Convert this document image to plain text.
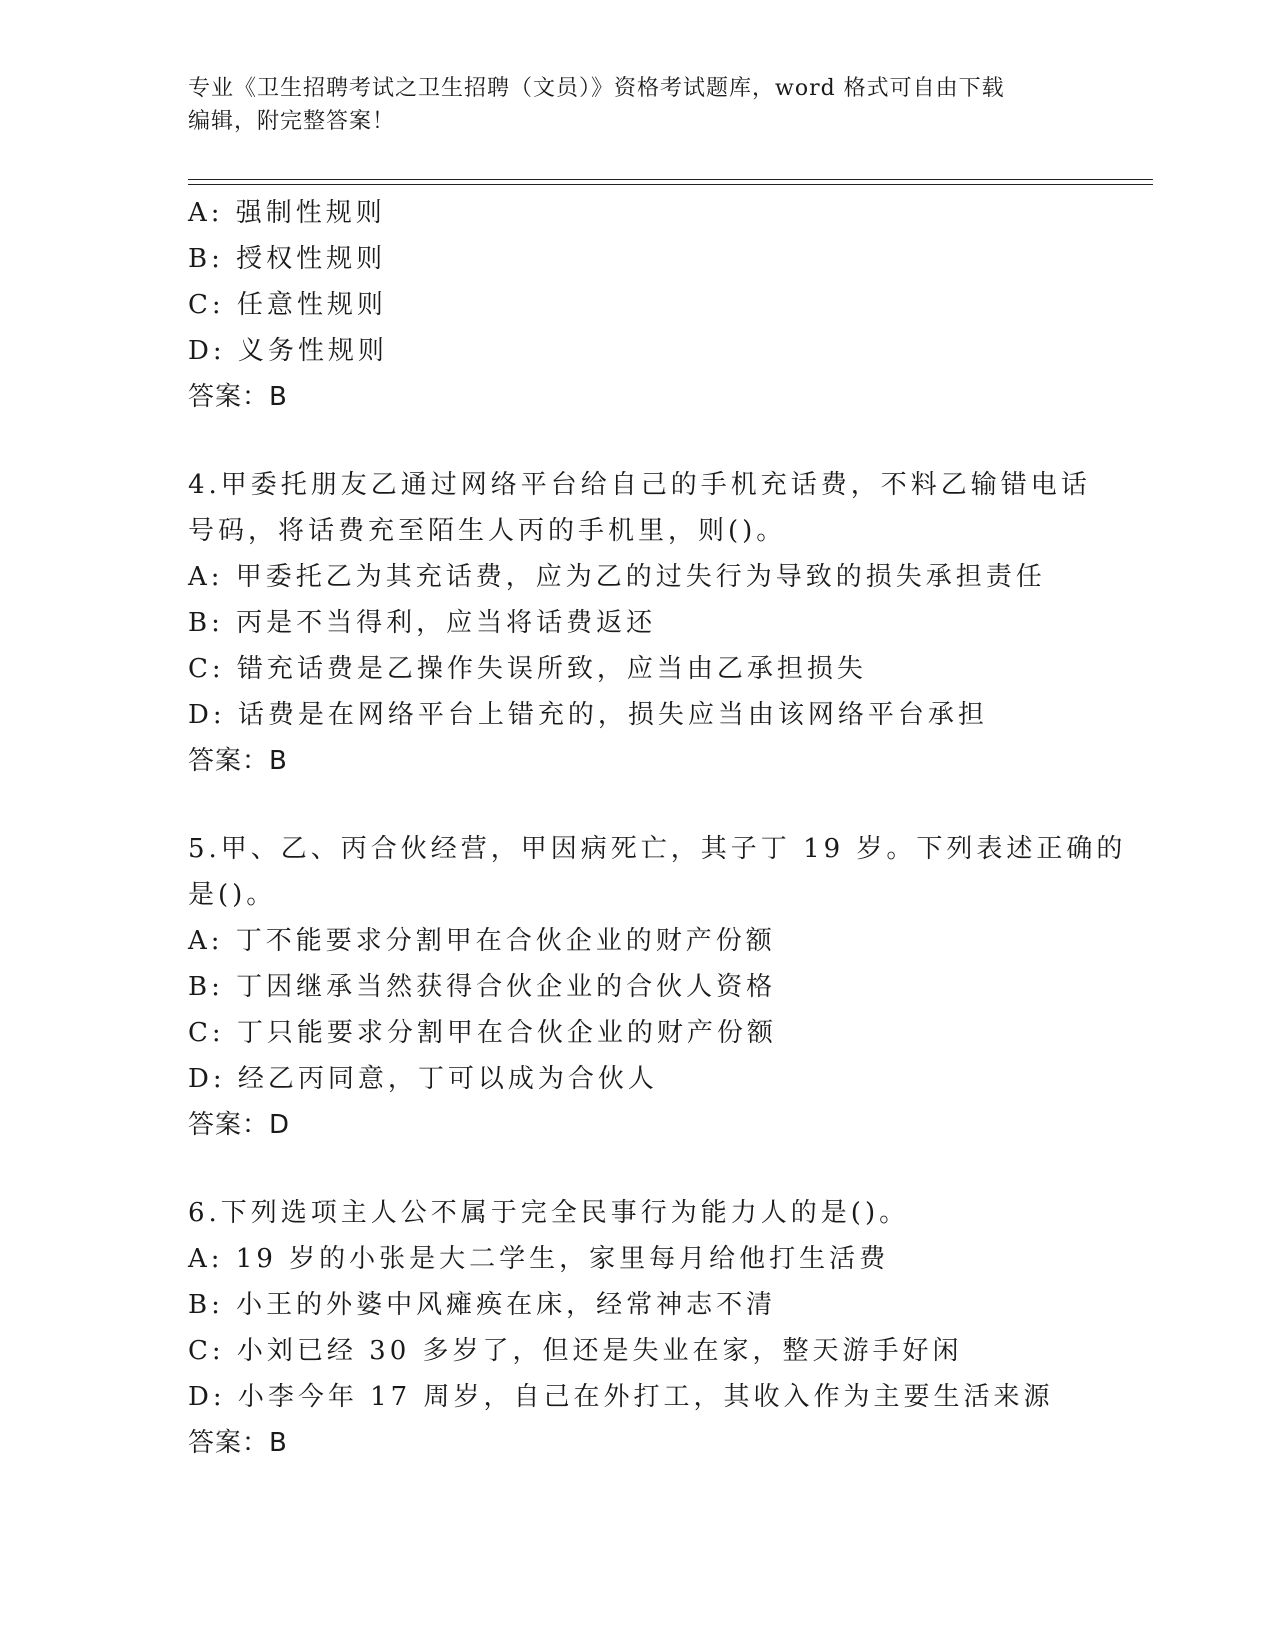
专业《卫生招聘考试之卫生招聘（文员）》资格考试题库，word 格式可自由下载
编辑，附完整答案！
A: 强制性规则
B: 授权性规则
C: 任意性规则
D: 义务性规则
答案：B
4.甲委托朋友乙通过网络平台给自己的手机充话费，不料乙输错电话
号码，将话费充至陌生人丙的手机里，则()。
A: 甲委托乙为其充话费，应为乙的过失行为导致的损失承担责任
B: 丙是不当得利，应当将话费返还
C: 错充话费是乙操作失误所致，应当由乙承担损失
D: 话费是在网络平台上错充的，损失应当由该网络平台承担
答案：B
5.甲、乙、丙合伙经营，甲因病死亡，其子丁 19 岁。下列表述正确的
是()。
A: 丁不能要求分割甲在合伙企业的财产份额
B: 丁因继承当然获得合伙企业的合伙人资格
C: 丁只能要求分割甲在合伙企业的财产份额
D: 经乙丙同意，丁可以成为合伙人
答案：D
6.下列选项主人公不属于完全民事行为能力人的是()。
A: 19 岁的小张是大二学生，家里每月给他打生活费
B: 小王的外婆中风瘫痪在床，经常神志不清
C: 小刘已经 30 多岁了，但还是失业在家，整天游手好闲
D: 小李今年 17 周岁，自己在外打工，其收入作为主要生活来源
答案：B
